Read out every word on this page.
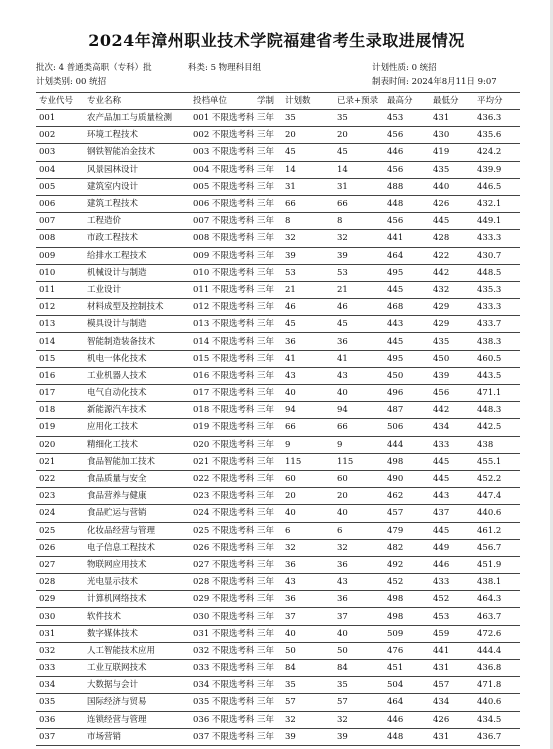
2024年漳州职业技术学院福建省考生录取进展情况
批次: 4 普通类高职（专科）批	科类: 5 物理科目组	计划性质: 0 统招
计划类别: 00 统招	制表时间: 2024年8月11日 9:07
专业代号	专业名称	投档单位	学制	计划数	已录+预录	最高分	最低分	平均分
001	农产品加工与质量检测	001 不限选考科	三年	35	35	453	431	436.3
002	环境工程技术	002 不限选考科	三年	20	20	456	430	435.6
003	钢铁智能冶金技术	003 不限选考科	三年	45	45	446	419	424.2
004	风景园林设计	004 不限选考科	三年	14	14	456	435	439.9
005	建筑室内设计	005 不限选考科	三年	31	31	488	440	446.5
006	建筑工程技术	006 不限选考科	三年	66	66	448	426	432.1
007	工程造价	007 不限选考科	三年	8	8	456	445	449.1
008	市政工程技术	008 不限选考科	三年	32	32	441	428	433.3
009	给排水工程技术	009 不限选考科	三年	39	39	464	422	430.7
010	机械设计与制造	010 不限选考科	三年	53	53	495	442	448.5
011	工业设计	011 不限选考科	三年	21	21	445	432	435.3
012	材料成型及控制技术	012 不限选考科	三年	46	46	468	429	433.3
013	模具设计与制造	013 不限选考科	三年	45	45	443	429	433.7
014	智能制造装备技术	014 不限选考科	三年	36	36	445	435	438.3
015	机电一体化技术	015 不限选考科	三年	41	41	495	450	460.5
016	工业机器人技术	016 不限选考科	三年	43	43	450	439	443.5
017	电气自动化技术	017 不限选考科	三年	40	40	496	456	471.1
018	新能源汽车技术	018 不限选考科	三年	94	94	487	442	448.3
019	应用化工技术	019 不限选考科	三年	66	66	506	434	442.5
020	精细化工技术	020 不限选考科	三年	9	9	444	433	438
021	食品智能加工技术	021 不限选考科	三年	115	115	498	445	455.1
022	食品质量与安全	022 不限选考科	三年	60	60	490	445	452.2
023	食品营养与健康	023 不限选考科	三年	20	20	462	443	447.4
024	食品贮运与营销	024 不限选考科	三年	40	40	457	437	440.6
025	化妆品经营与管理	025 不限选考科	三年	6	6	479	445	461.2
026	电子信息工程技术	026 不限选考科	三年	32	32	482	449	456.7
027	物联网应用技术	027 不限选考科	三年	36	36	492	446	451.9
028	光电显示技术	028 不限选考科	三年	43	43	452	433	438.1
029	计算机网络技术	029 不限选考科	三年	36	36	498	452	464.3
030	软件技术	030 不限选考科	三年	37	37	498	453	463.7
031	数字媒体技术	031 不限选考科	三年	40	40	509	459	472.6
032	人工智能技术应用	032 不限选考科	三年	50	50	476	441	444.4
033	工业互联网技术	033 不限选考科	三年	84	84	451	431	436.8
034	大数据与会计	034 不限选考科	三年	35	35	504	457	471.8
035	国际经济与贸易	035 不限选考科	三年	57	57	464	434	440.6
036	连锁经营与管理	036 不限选考科	三年	32	32	446	426	434.5
037	市场营销	037 不限选考科	三年	39	39	448	431	436.7
